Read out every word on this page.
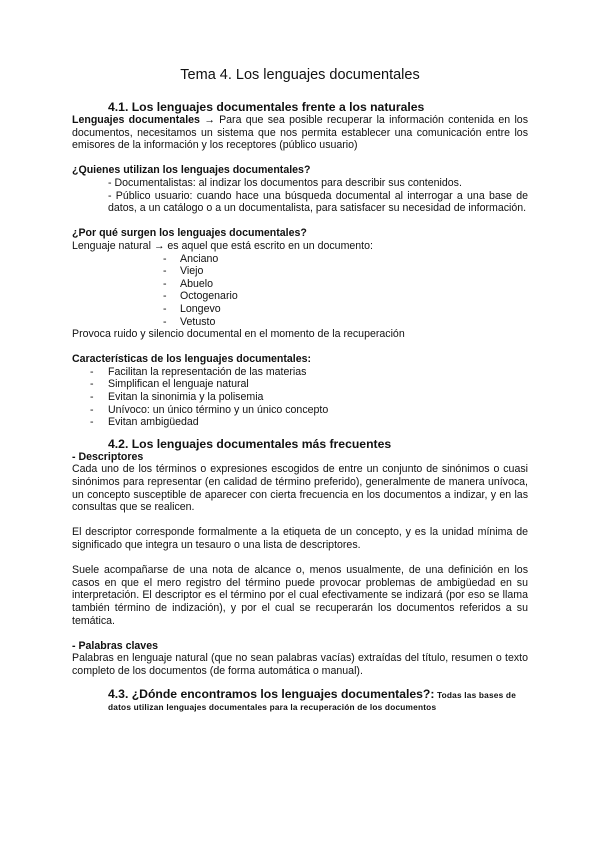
Tema 4. Los lenguajes documentales
4.1. Los lenguajes documentales frente a los naturales

Lenguajes documentales → Para que sea posible recuperar la información contenida en los documentos, necesitamos un sistema que nos permita establecer una comunicación entre los emisores de la información y los receptores (público usuario)

¿Quienes utilizan los lenguajes documentales?

- Documentalistas: al indizar los documentos para describir sus contenidos.

- Público usuario: cuando hace una búsqueda documental al interrogar a una base de datos, a un catálogo o a un documentalista, para satisfacer su necesidad de información.

¿Por qué surgen los lenguajes documentales?

Lenguaje natural → es aquel que está escrito en un documento:

- Anciano
- Viejo
- Abuelo
- Octogenario
- Longevo
- Vetusto

Provoca ruido y silencio documental en el momento de la recuperación

Características de los lenguajes documentales:

- Facilitan la representación de las materias
- Simplifican el lenguaje natural
- Evitan la sinonimia y la polisemia
- Unívoco: un único término y un único concepto
- Evitan ambigüedad
4.2. Los lenguajes documentales más frecuentes

- Descriptores

Cada uno de los términos o expresiones escogidos de entre un conjunto de sinónimos o cuasi sinónimos para representar (en calidad de término preferido), generalmente de manera unívoca, un concepto susceptible de aparecer con cierta frecuencia en los documentos a indizar, y en las consultas que se realicen.

El descriptor corresponde formalmente a la etiqueta de un concepto, y es la unidad mínima de significado que integra un tesauro o una lista de descriptores.

Suele acompañarse de una nota de alcance o, menos usualmente, de una definición en los casos en que el mero registro del término puede provocar problemas de ambigüedad en su interpretación. El descriptor es el término por el cual efectivamente se indizará (por eso se llama también término de indización), y por el cual se recuperarán los documentos referidos a su temática.

- Palabras claves

Palabras en lenguaje natural (que no sean palabras vacías) extraídas del título, resumen o texto completo de los documentos (de forma automática o manual).

4.3. ¿Dónde encontramos los lenguajes documentales?: Todas las bases de

datos utilizan lenguajes documentales para la recuperación de los documentos
